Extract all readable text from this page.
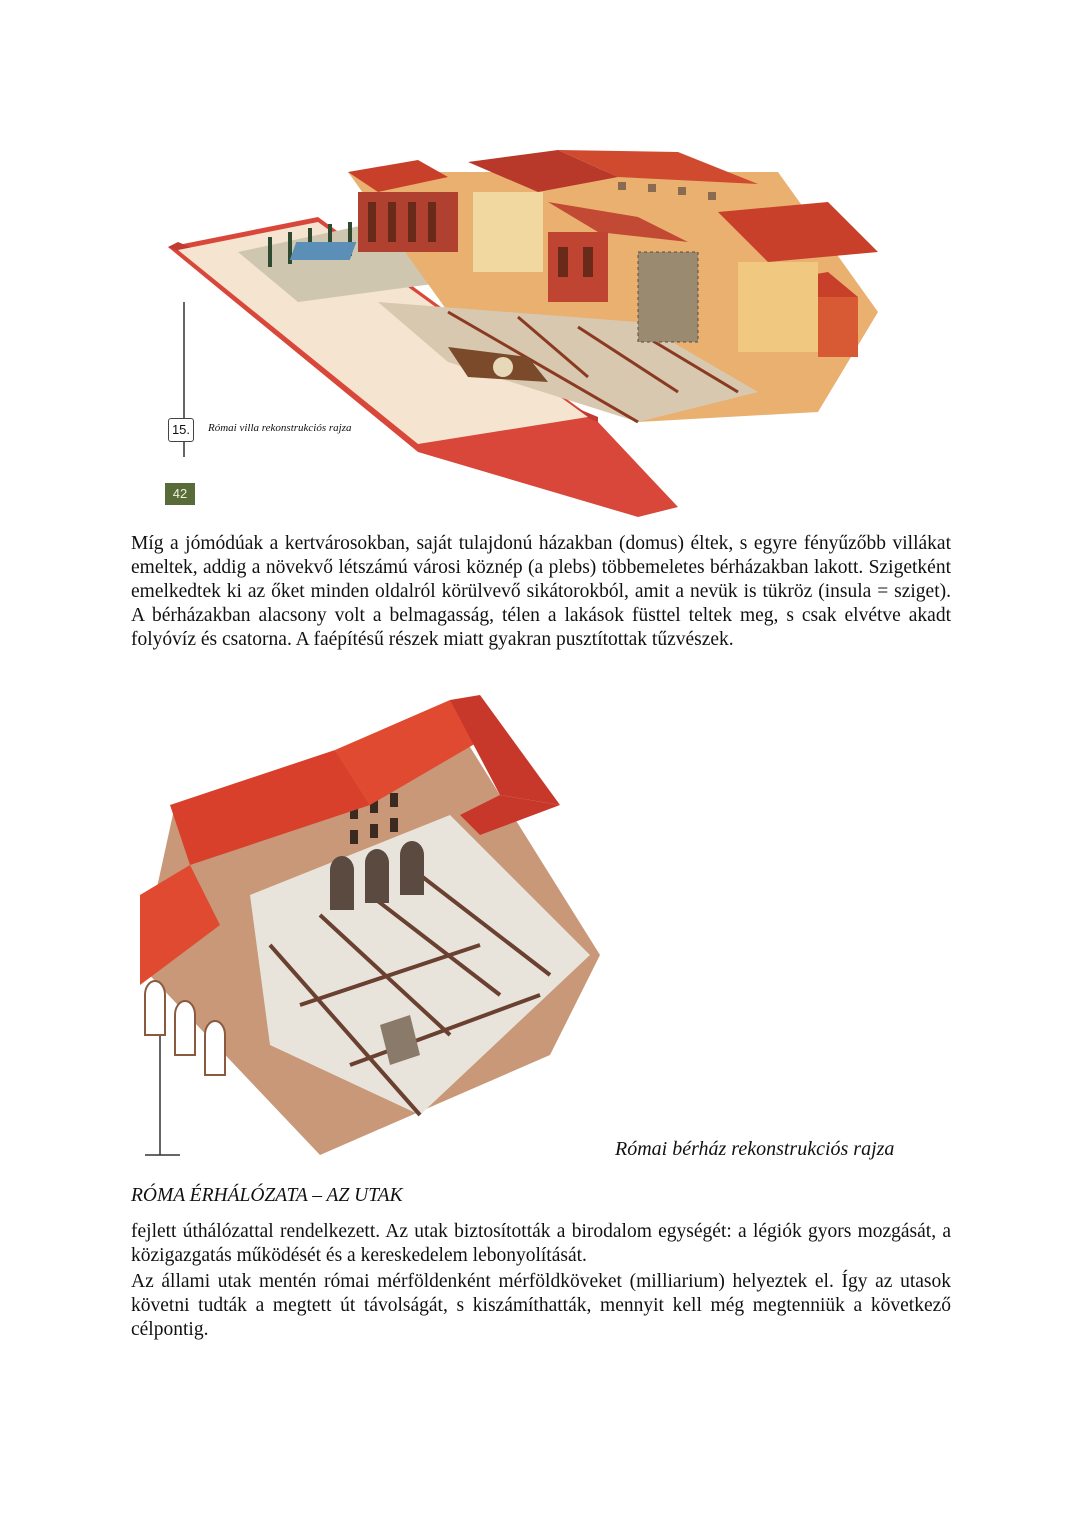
15.	Római villa rekonstrukciós rajza
42

Míg a jómódúak a kertvárosokban, saját tulajdonú házakban (domus) éltek, s egyre fényűzőbb villákat emeltek, addig a növekvő létszámú városi köznép (a plebs) többemeletes bérházakban lakott. Szigetként emelkedtek ki az őket minden oldalról körülvevő sikátorokból, amit a nevük is tükröz (insula = sziget). A bérházakban alacsony volt a belmagasság, télen a lakások füsttel teltek meg, s csak elvétve akadt folyóvíz és csatorna. A faépítésű részek miatt gyakran pusztítottak tűzvészek.

Római bérház rekonstrukciós rajza
RÓMA ÉRHÁLÓZATA – AZ UTAK

fejlett úthálózattal rendelkezett. Az utak biztosították a birodalom egységét: a légiók gyors mozgását, a közigazgatás működését és a kereskedelem lebonyolítását.

Az állami utak mentén római mérföldenként mérföldköveket (milliarium) helyeztek el. Így az utasok követni tudták a megtett út távolságát, s kiszámíthatták, mennyit kell még megtenniük a következő célpontig.
